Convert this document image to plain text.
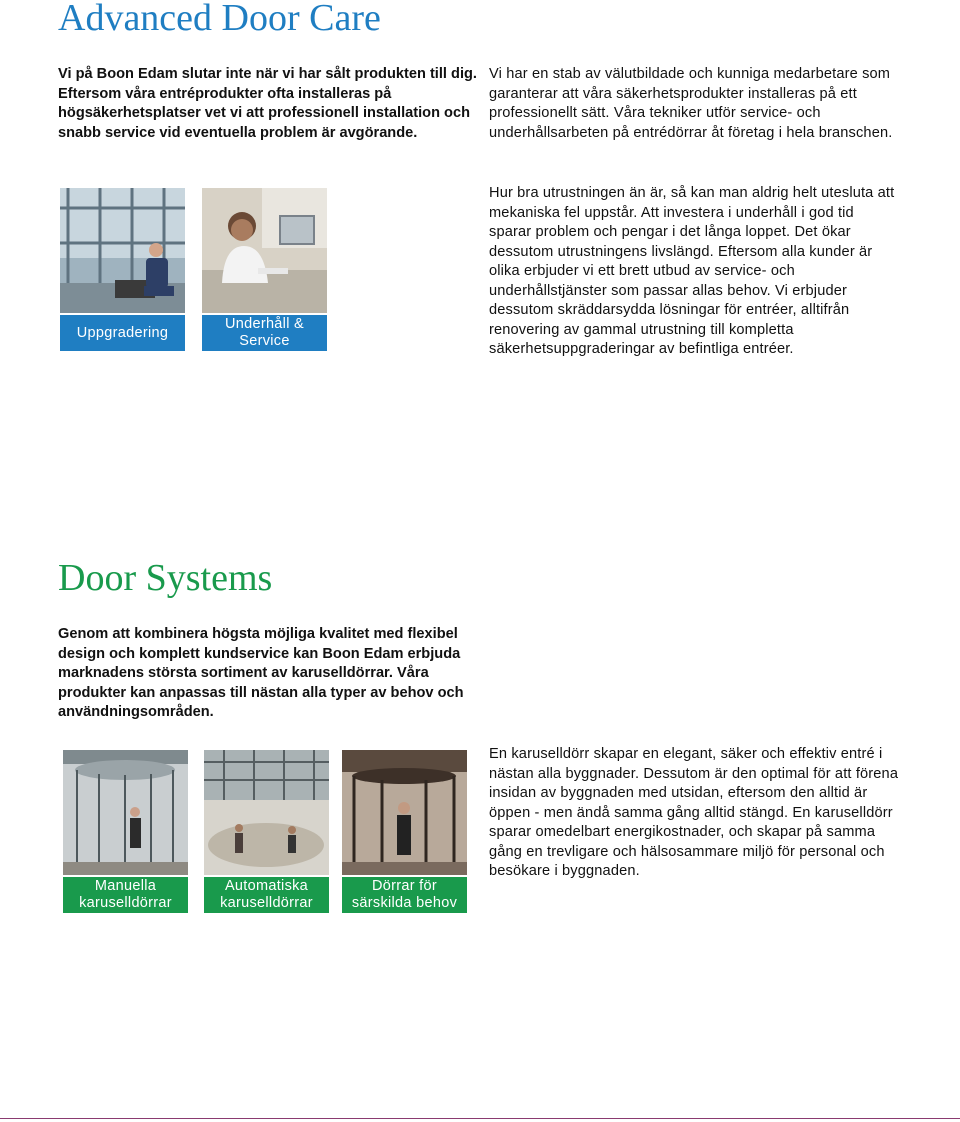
Advanced Door Care

Vi på Boon Edam slutar inte när vi har sålt produkten till dig. Eftersom våra entréprodukter ofta installeras på högsäkerhetsplatser vet vi att professionell installation och snabb service vid eventuella problem är avgörande.

Vi har en stab av välutbildade och kunniga medarbetare som garanterar att våra säkerhetsprodukter installeras på ett professionellt sätt. Våra tekniker utför service- och underhållsarbeten på entrédörrar åt företag i hela branschen.

Hur bra utrustningen än är, så kan man aldrig helt utesluta att mekaniska fel uppstår. Att investera i underhåll i god tid sparar problem och pengar i det långa loppet. Det ökar dessutom utrustningens livslängd. Eftersom alla kunder är olika erbjuder vi ett brett utbud av service- och underhållstjänster som passar allas behov. Vi erbjuder dessutom skräddarsydda lösningar för entréer, alltifrån renovering av gammal utrustning till kompletta säkerhetsuppgraderingar av befintliga entréer.

Uppgradering
Underhåll & Service
Door Systems

Genom att kombinera högsta möjliga kvalitet med flexibel design och komplett kundservice kan Boon Edam erbjuda marknadens största sortiment av karuselldörrar. Våra produkter kan anpassas till nästan alla typer av behov och användningsområden.

En karuselldörr skapar en elegant, säker och effektiv entré i nästan alla byggnader. Dessutom är den optimal för att förena insidan av byggnaden med utsidan, eftersom den alltid är öppen - men ändå samma gång alltid stängd. En karuselldörr sparar omedelbart energikostnader, och skapar på samma gång en trevligare och hälsosammare miljö för personal och besökare i byggnaden.

Manuella karuselldörrar
Automatiska karuselldörrar
Dörrar för särskilda behov
